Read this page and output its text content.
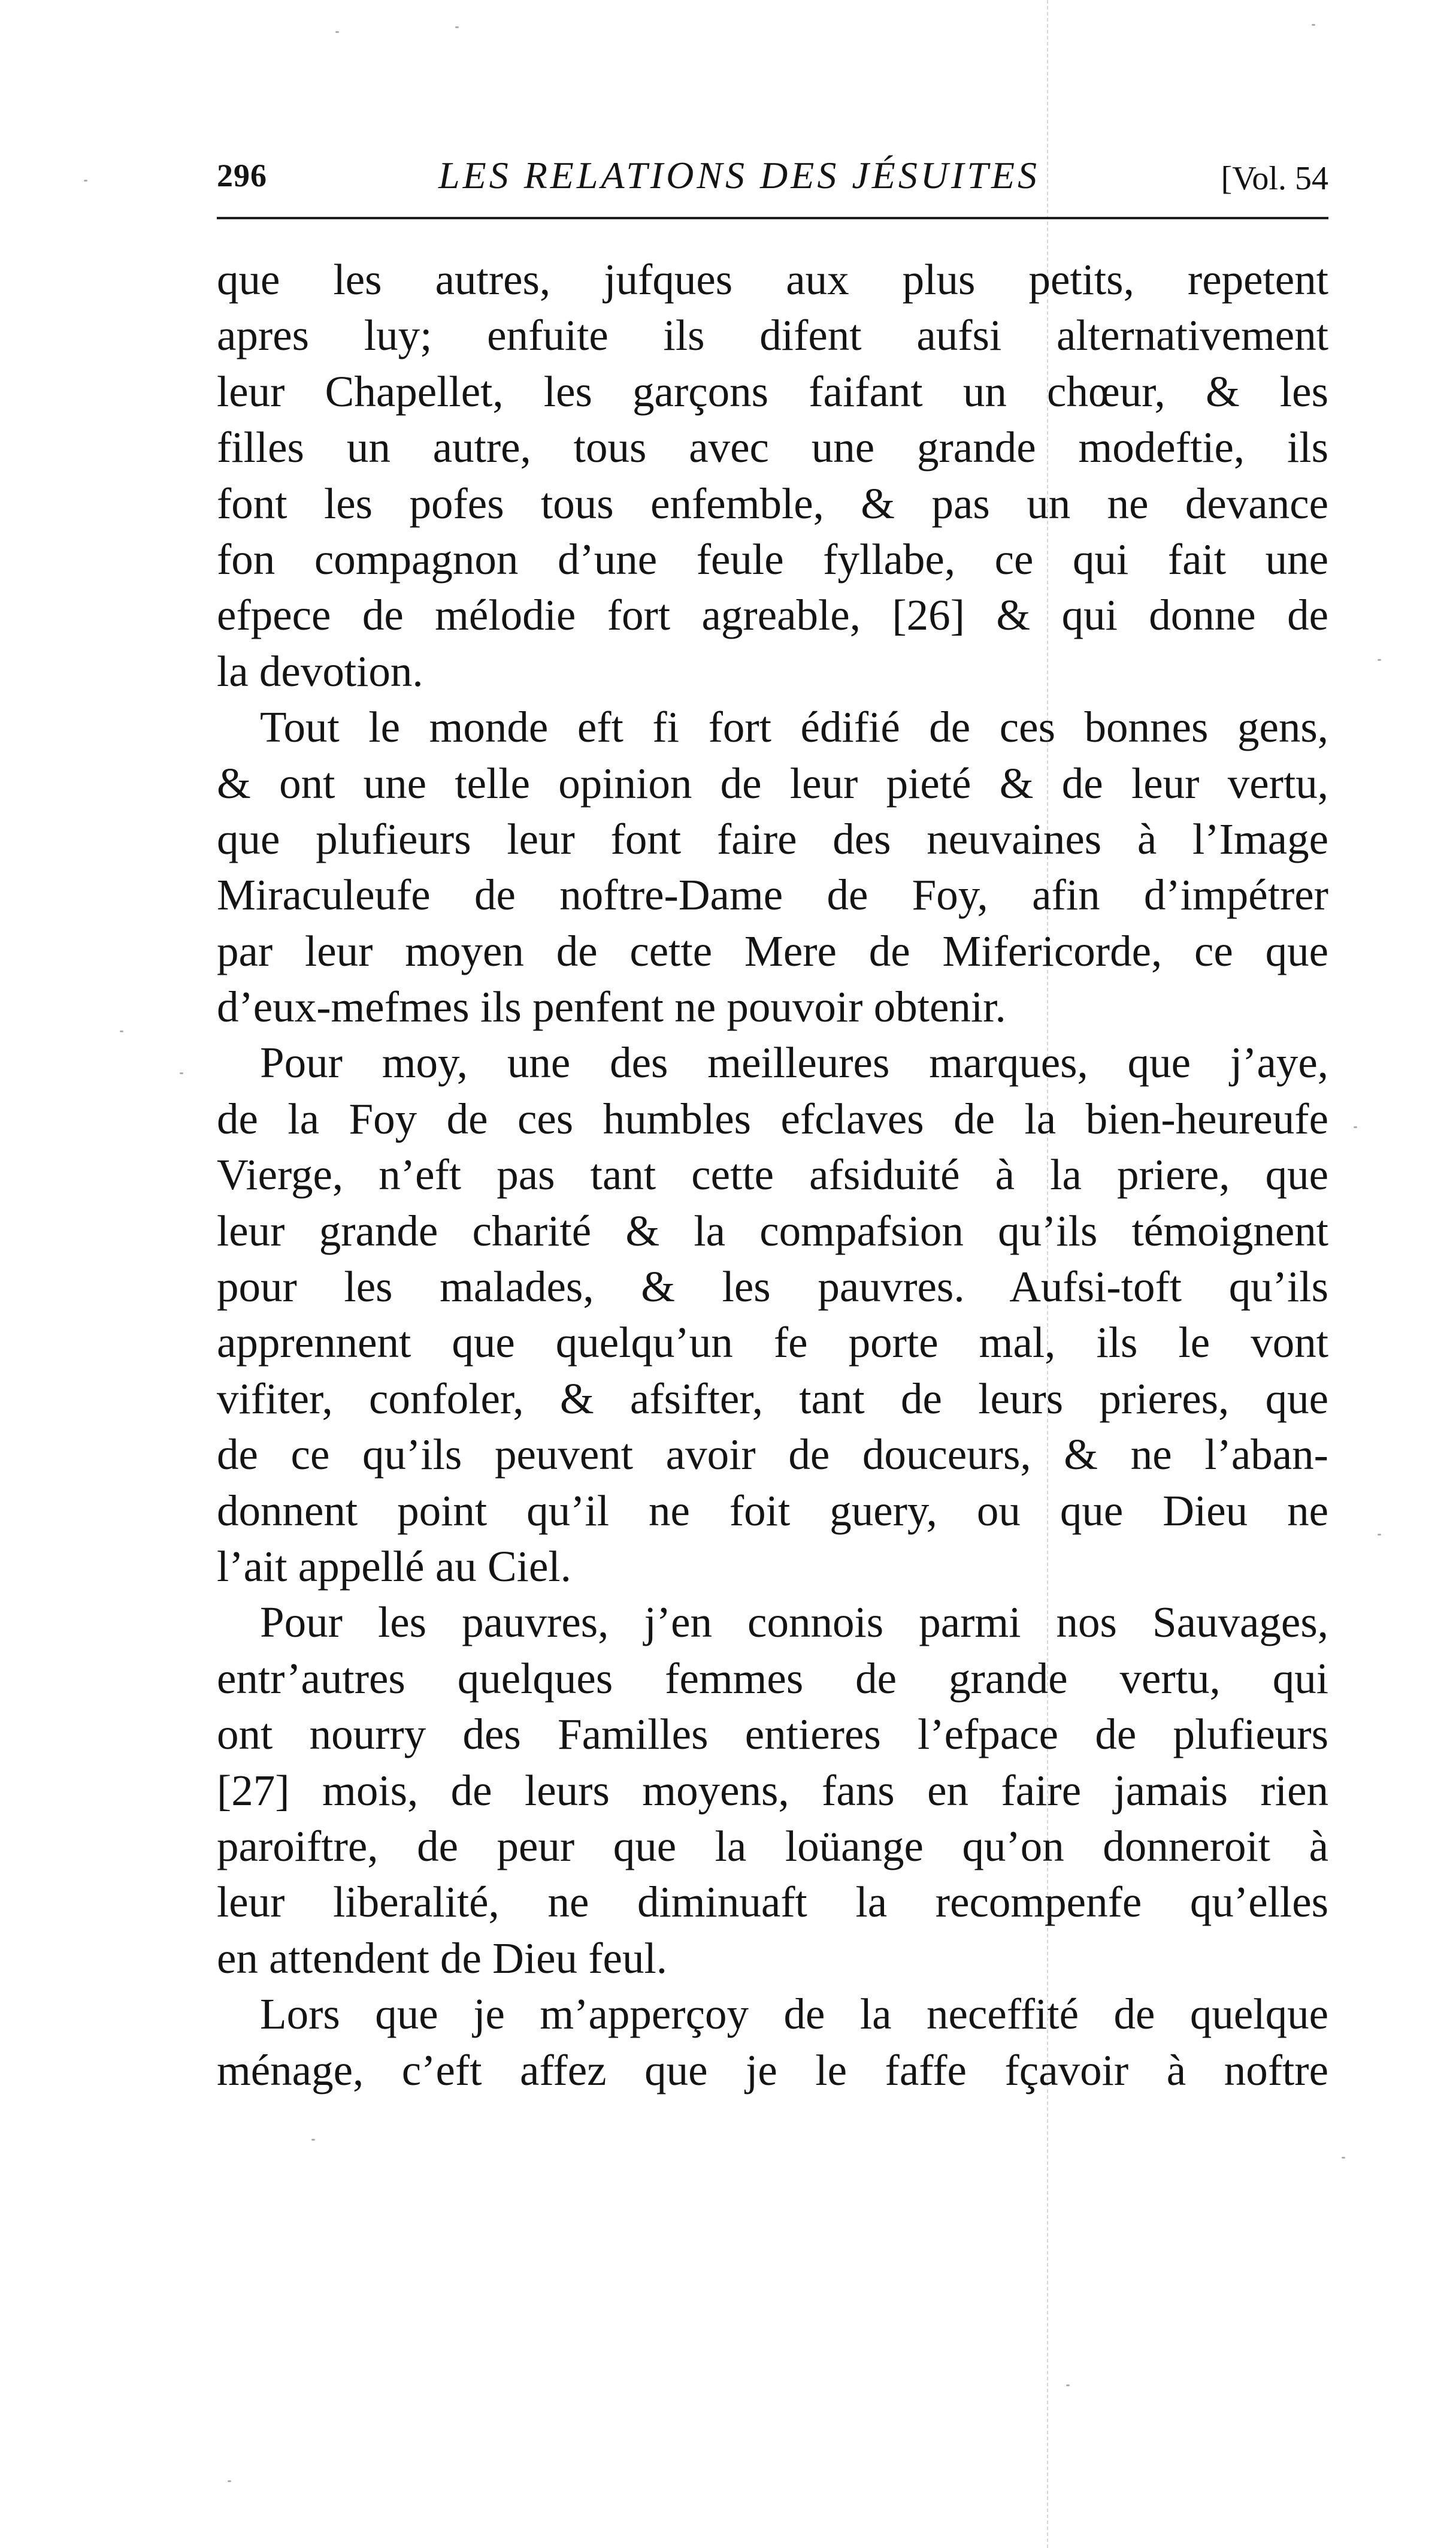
296	LES RELATIONS DES JÉSUITES	[Vol. 54
que les autres, jufques aux plus petits, repetent
apres luy; enfuite ils difent aufsi alternativement
leur Chapellet, les garçons faifant un chœur, & les
filles un autre, tous avec une grande modeftie, ils
font les pofes tous enfemble, & pas un ne devance
fon compagnon d’une feule fyllabe, ce qui fait une
efpece de mélodie fort agreable, [26] & qui donne de
la devotion.
Tout le monde eft fi fort édifié de ces bonnes gens,
& ont une telle opinion de leur pieté & de leur vertu,
que plufieurs leur font faire des neuvaines à l’Image
Miraculeufe de noftre-Dame de Foy, afin d’impétrer
par leur moyen de cette Mere de Mifericorde, ce que
d’eux-mefmes ils penfent ne pouvoir obtenir.
Pour moy, une des meilleures marques, que j’aye,
de la Foy de ces humbles efclaves de la bien-heureufe
Vierge, n’eft pas tant cette afsiduité à la priere, que
leur grande charité & la compafsion qu’ils témoignent
pour les malades, & les pauvres. Aufsi-toft qu’ils
apprennent que quelqu’un fe porte mal, ils le vont
vifiter, confoler, & afsifter, tant de leurs prieres, que
de ce qu’ils peuvent avoir de douceurs, & ne l’aban-
donnent point qu’il ne foit guery, ou que Dieu ne
l’ait appellé au Ciel.
Pour les pauvres, j’en connois parmi nos Sauvages,
entr’autres quelques femmes de grande vertu, qui
ont nourry des Familles entieres l’efpace de plufieurs
[27] mois, de leurs moyens, fans en faire jamais rien
paroiftre, de peur que la loüange qu’on donneroit à
leur liberalité, ne diminuaft la recompenfe qu’elles
en attendent de Dieu feul.
Lors que je m’apperçoy de la neceffité de quelque
ménage, c’eft affez que je le faffe fçavoir à noftre
